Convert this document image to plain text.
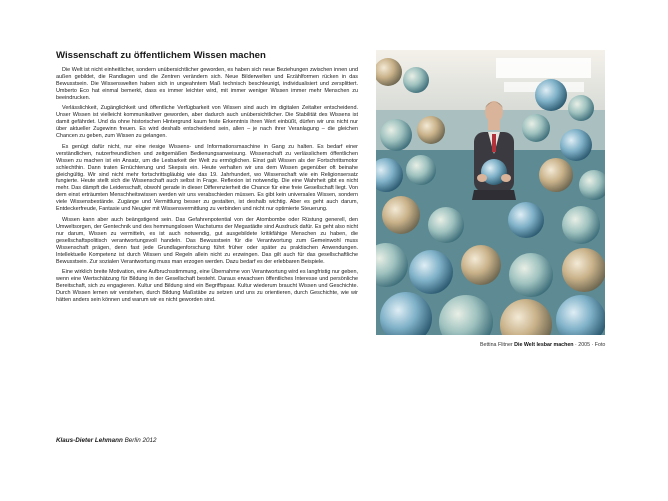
Wissenschaft zu öffentlichem Wissen machen

Die Welt ist nicht einheitlicher, sondern unübersichtlicher geworden, es haben sich neue Beziehungen zwischen innen und außen gebildet, die Randlagen und die Zentren verändern sich. Neue Bilderwelten und Erzählformen rücken in das Bewusstsein. Die Wissenswelten haben sich in ungeahntem Maß technisch beschleunigt, individualisiert und zersplittert. Umberto Eco hat einmal bemerkt, dass es immer leichter wird, mit immer weniger Wissen immer mehr Menschen zu beeindrucken.

Verlässlichkeit, Zugänglichkeit und öffentliche Verfügbarkeit von Wissen sind auch im digitalen Zeitalter entscheidend. Unser Wissen ist vielleicht kommunikativer geworden, aber dadurch auch unübersichtlicher. Die Stabilität des Wissens ist damit gefährdet. Und da ohne historischen Hintergrund kaum feste Erkenntnis ihren Wert einbüßt, dürfen wir uns nicht nur über aktueller Zugewinn freuen. Es wird deshalb entscheidend sein, allen – je nach ihrer Veranlagung – die gleichen Chancen zu geben, zum Wissen zu gelangen.

Es genügt dafür nicht, nur eine riesige Wissens- und Informationsmaschine in Gang zu halten. Es bedarf einer verständlichen, nutzerfreundlichen und zeitgemäßen Bedienungsanweisung. Wissenschaft zu verlässlichem öffentlichen Wissen zu machen ist ein Ansatz, um die Lesbarkeit der Welt zu ermöglichen. Einst galt Wissen als der Fortschrittsmotor schlechthin. Dann traten Ernüchterung und Skepsis ein. Heute verhalten wir uns dem Wissen gegenüber oft beinahe gleichgültig. Wir sind nicht mehr fortschrittsgläubig wie das 19. Jahrhundert, wo Wissenschaft wie ein Religionsersatz fungierte. Heute stellt sich die Wissenschaft auch selbst in Frage. Reflexion ist notwendig. Die eine Wahrheit gibt es nicht mehr. Das dämpft die Leidenschaft, obwohl gerade in dieser Differenzierheit die Chance für eine freie Gesellschaft liegt. Von dem einst erträumten Menschheitswissen werden wir uns verabschieden müssen. Es gibt kein universales Wissen, sondern viele Wissensbestände. Zugänge und Vermittlung besser zu gestalten, ist deshalb wichtig. Aber es geht auch darum, Entdeckerfreude, Fantasie und Neugier mit Wissensvermittlung zu verbinden und nicht nur optimierte Steuerung.

Wissen kann aber auch beängstigend sein. Das Gefahrenpotential von der Atombombe oder Rüstung generell, den Umweltsorgen, der Gentechnik und des hemmungslosen Wachstums der Megastädte sind Ausdruck dafür. Es geht also nicht nur darum, Wissen zu vermitteln, es ist auch notwendig, gut ausgebildete kritikfähige Menschen zu haben, die gesellschaftspolitisch verantwortungsvoll handeln. Das Bewusstsein für die Verantwortung zum Gemeinwohl muss Wissenschaft prägen, denn fast jede Grundlagenforschung führt früher oder später zu praktischen Anwendungen. Intellektuelle Kompetenz ist durch Wissen und Regeln allein nicht zu erzwingen. Das gilt auch für das gesellschaftliche Bewusstsein. Zur sozialen Verantwortung muss man erzogen werden. Dazu bedarf es der erlebbaren Beispiele.

Eine wirklich breite Motivation, eine Aufbruchsstimmung, eine Übernahme von Verantwortung wird es langfristig nur geben, wenn eine Wertschätzung für Bildung in der Gesellschaft besteht. Daraus erwachsen öffentliches Interesse und persönliche Bereitschaft, sich zu engagieren. Kultur und Bildung sind ein Begriffspaar. Kultur wiederum braucht Wissen und Geschichte. Durch Wissen lernen wir verstehen, durch Bildung Maßstäbe zu setzen und uns zu orientieren, durch Geschichte, wie wir hätten anders sein können und warum wir es nicht geworden sind.

Klaus-Dieter Lehmann Berlin 2012
Bettina Flitner Die Welt lesbar machen · 2005 · Foto
